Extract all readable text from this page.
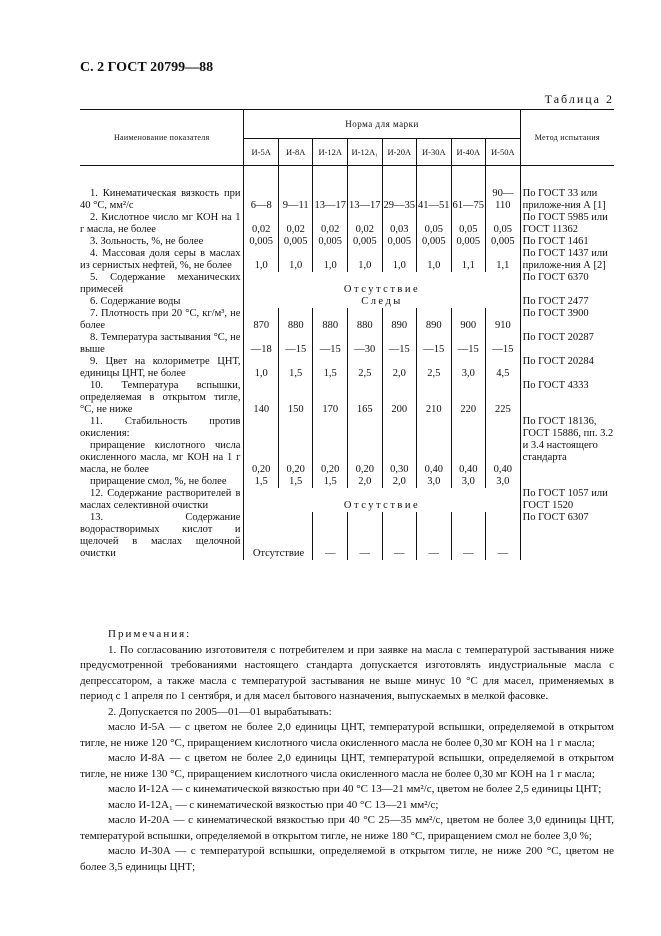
С. 2 ГОСТ 20799—88
Таблица 2
Наименование показателя	Норма для марки								Метод испытания
	И-5А	И-8А	И-12А	И-12А₁	И-20А	И-30А	И-40А	И-50А	

1. Кинематическая вязкость при 40 °С, мм²/с	6—8	9—11	13—17	13—17	29—35	41—51	61—75	90—110	По ГОСТ 33 или приложе-ния А [1]

2. Кислотное число мг КОН на 1 г масла, не более	0,02	0,02	0,02	0,02	0,03	0,05	0,05	0,05	По ГОСТ 5985 или ГОСТ 11362

3. Зольность, %, не более	0,005	0,005	0,005	0,005	0,005	0,005	0,005	0,005	По ГОСТ 1461

4. Массовая доля серы в маслах из сернистых нефтей, %, не более	1,0	1,0	1,0	1,0	1,0	1,0	1,1	1,1	По ГОСТ 1437 или приложе-ния А [2]

5. Содержание механических примесей	Отсутствие								По ГОСТ 6370

6. Содержание воды	Следы								По ГОСТ 2477

7. Плотность при 20 °С, кг/м³, не более	870	880	880	880	890	890	900	910	По ГОСТ 3900

8. Температура застывания °С, не выше	—18	—15	—15	—30	—15	—15	—15	—15	По ГОСТ 20287

9. Цвет на колориметре ЦНТ, единицы ЦНТ, не более	1,0	1,5	1,5	2,5	2,0	2,5	3,0	4,5	По ГОСТ 20284

10. Температура вспышки, определяемая в открытом тигле, °С, не ниже	140	150	170	165	200	210	220	225	По ГОСТ 4333

11. Стабильность против окисления:
приращение кислотного числа окисленного масла, мг КОН на 1 г масла, не более	0,20	0,20	0,20	0,20	0,30	0,40	0,40	0,40	По ГОСТ 18136, ГОСТ 15886, пп. 3.2 и 3.4 настоящего стандарта

приращение смол, %, не более	1,5	1,5	1,5	2,0	2,0	3,0	3,0	3,0	

12. Содержание растворителей в маслах селективной очистки	Отсутствие								По ГОСТ 1057 или ГОСТ 1520

13. Содержание водорастворимых кислот и щелочей в маслах щелочной очистки	Отсутствие		—	—	—	—	—	—	По ГОСТ 6307
Примечания:

1. По согласованию изготовителя с потребителем и при заявке на масла с температурой застывания ниже предусмотренной требованиями настоящего стандарта допускается изготовлять индустриальные масла с депрессатором, а также масла с температурой застывания не выше минус 10 °С для масел, применяемых в период с 1 апреля по 1 сентября, и для масел бытового назначения, выпускаемых в мелкой фасовке.

2. Допускается по 2005—01—01 вырабатывать:

масло И-5А — с цветом не более 2,0 единицы ЦНТ, температурой вспышки, определяемой в открытом тигле, не ниже 120 °С, приращением кислотного числа окисленного масла не более 0,30 мг КОН на 1 г масла;

масло И-8А — с цветом не более 2,0 единицы ЦНТ, температурой вспышки, определяемой в открытом тигле, не ниже 130 °С, приращением кислотного числа окисленного масла не более 0,30 мг КОН на 1 г масла;

масло И-12А — с кинематической вязкостью при 40 °С 13—21 мм²/с, цветом не более 2,5 единицы ЦНТ;

масло И-12А₁ — с кинематической вязкостью при 40 °С 13—21 мм²/с;

масло И-20А — с кинематической вязкостью при 40 °С 25—35 мм²/с, цветом не более 3,0 единицы ЦНТ, температурой вспышки, определяемой в открытом тигле, не ниже 180 °С, приращением смол не более 3,0 %;

масло И-30А — с температурой вспышки, определяемой в открытом тигле, не ниже 200 °С, цветом не более 3,5 единицы ЦНТ;
